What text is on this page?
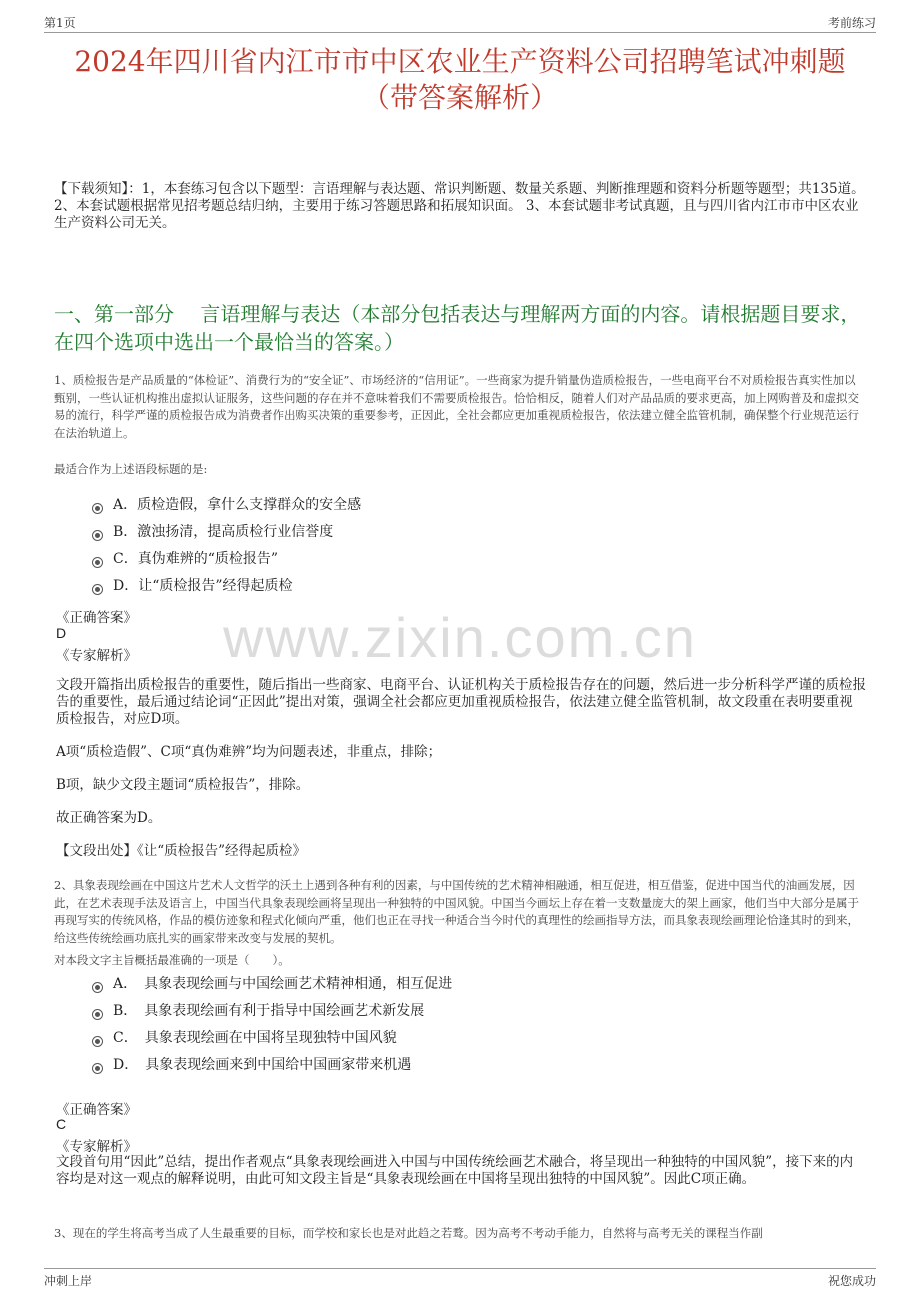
第1页	考前练习
2024年四川省内江市市中区农业生产资料公司招聘笔试冲刺题
（带答案解析）
【下载须知】：1，本套练习包含以下题型：言语理解与表达题、常识判断题、数量关系题、判断推理题和资料分析题等题型；共135道。 2、本套试题根据常见招考题总结归纳，主要用于练习答题思路和拓展知识面。 3、本套试题非考试真题，且与四川省内江市市中区农业生产资料公司无关。
一、第一部分　 言语理解与表达（本部分包括表达与理解两方面的内容。请根据题目要求，在四个选项中选出一个最恰当的答案。）
1、质检报告是产品质量的“体检证”、消费行为的“安全证”、市场经济的“信用证”。一些商家为提升销量伪造质检报告，一些电商平台不对质检报告真实性加以甄别，一些认证机构推出虚拟认证服务，这些问题的存在并不意味着我们不需要质检报告。恰恰相反，随着人们对产品品质的要求更高，加上网购普及和虚拟交易的流行，科学严谨的质检报告成为消费者作出购买决策的重要参考，正因此，全社会都应更加重视质检报告，依法建立健全监管机制，确保整个行业规范运行在法治轨道上。
最适合作为上述语段标题的是:
A．质检造假，拿什么支撑群众的安全感
B．激浊扬清，提高质检行业信誉度
C．真伪难辨的“质检报告”
D．让“质检报告”经得起质检
《正确答案》
D
《专家解析》	www.zixin.com.cn
文段开篇指出质检报告的重要性，随后指出一些商家、电商平台、认证机构关于质检报告存在的问题，然后进一步分析科学严谨的质检报告的重要性，最后通过结论词“正因此”提出对策，强调全社会都应更加重视质检报告，依法建立健全监管机制，故文段重在表明要重视质检报告，对应D项。
A项“质检造假”、C项“真伪难辨”均为问题表述，非重点，排除；
B项，缺少文段主题词“质检报告”，排除。
故正确答案为D。
【文段出处】《让“质检报告”经得起质检》
2、具象表现绘画在中国这片艺术人文哲学的沃土上遇到各种有利的因素，与中国传统的艺术精神相融通，相互促进，相互借鉴，促进中国当代的油画发展，因此，在艺术表现手法及语言上，中国当代具象表现绘画将呈现出一种独特的中国风貌。中国当今画坛上存在着一支数量庞大的架上画家，他们当中大部分是属于再现写实的传统风格，作品的模仿迹象和程式化倾向严重，他们也正在寻找一种适合当今时代的真理性的绘画指导方法，而具象表现绘画理论恰逢其时的到来，给这些传统绘画功底扎实的画家带来改变与发展的契机。
对本段文字主旨概括最准确的一项是（　　）。
A．　具象表现绘画与中国绘画艺术精神相通，相互促进
B．　具象表现绘画有利于指导中国绘画艺术新发展
C．　具象表现绘画在中国将呈现独特中国风貌
D．　具象表现绘画来到中国给中国画家带来机遇
《正确答案》
C
《专家解析》
文段首句用“因此”总结，提出作者观点“具象表现绘画进入中国与中国传统绘画艺术融合，将呈现出一种独特的中国风貌”，接下来的内容均是对这一观点的解释说明，由此可知文段主旨是“具象表现绘画在中国将呈现出独特的中国风貌”。因此C项正确。
3、现在的学生将高考当成了人生最重要的目标，而学校和家长也是对此趋之若鹜。因为高考不考动手能力，自然将与高考无关的课程当作副
冲刺上岸	祝您成功
